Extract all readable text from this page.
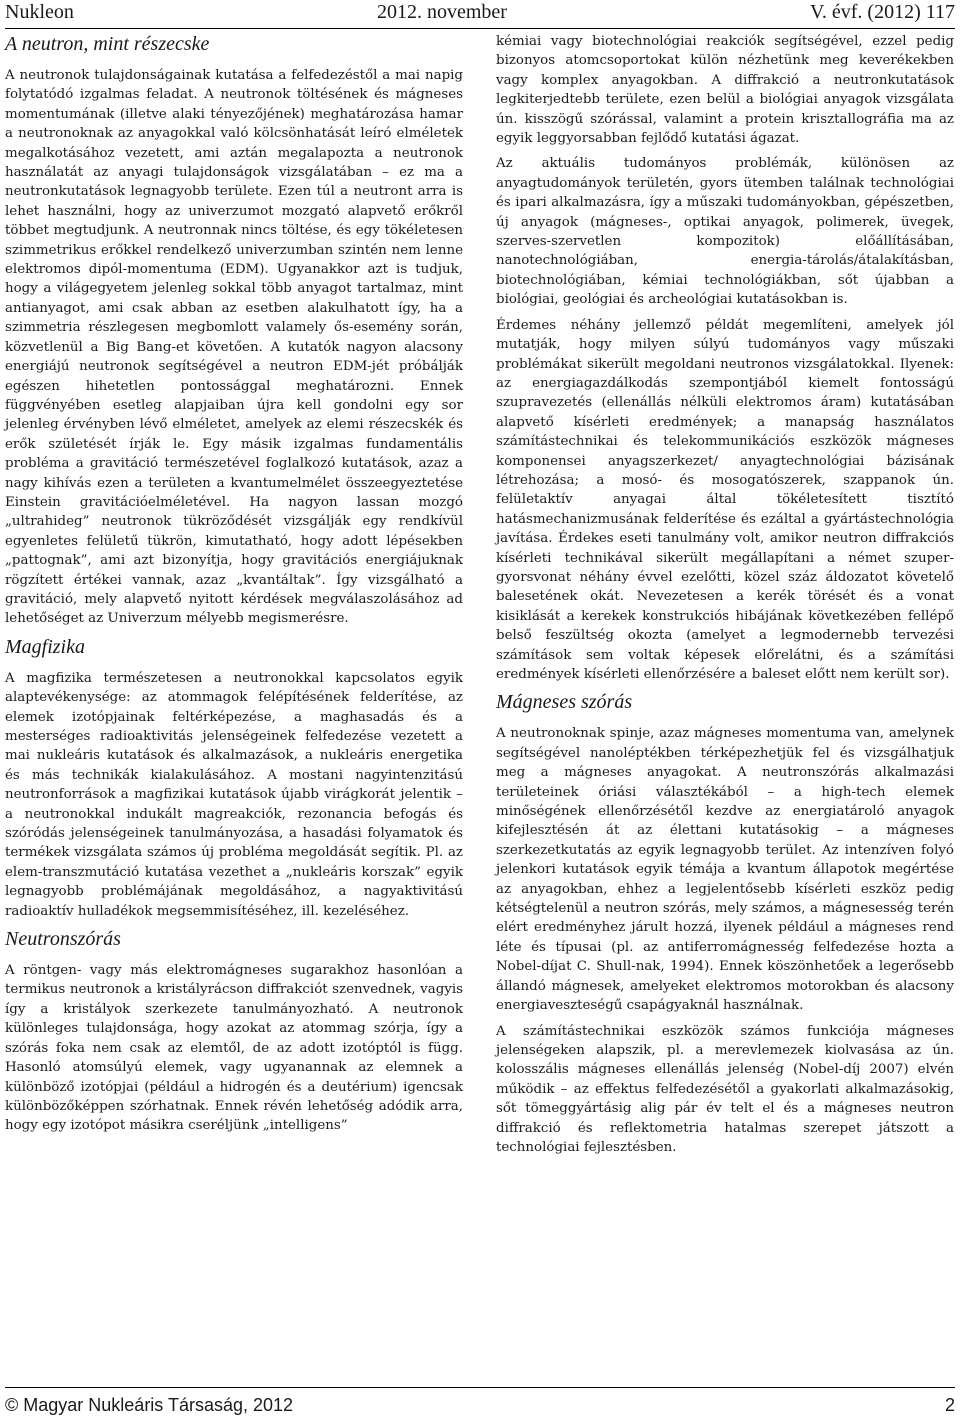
Nukleon	2012. november	V. évf. (2012) 117
A neutron, mint részecske

A neutronok tulajdonságainak kutatása a felfedezéstől a mai napig folytatódó izgalmas feladat. A neutronok töltésének és mágneses momentumának (illetve alaki tényezőjének) meghatározása hamar a neutronoknak az anyagokkal való kölcsönhatását leíró elméletek megalkotásához vezetett, ami aztán megalapozta a neutronok használatát az anyagi tulajdonságok vizsgálatában – ez ma a neutronkutatások legnagyobb területe. Ezen túl a neutront arra is lehet használni, hogy az univerzumot mozgató alapvető erőkről többet megtudjunk. A neutronnak nincs töltése, és egy tökéletesen szimmetrikus erőkkel rendelkező univerzumban szintén nem lenne elektromos dipól-momentuma (EDM). Ugyanakkor azt is tudjuk, hogy a világegyetem jelenleg sokkal több anyagot tartalmaz, mint antianyagot, ami csak abban az esetben alakulhatott így, ha a szimmetria részlegesen megbomlott valamely ős-esemény során, közvetlenül a Big Bang-et követően. A kutatók nagyon alacsony energiájú neutronok segítségével a neutron EDM-jét próbálják egészen hihetetlen pontossággal meghatározni. Ennek függvényében esetleg alapjaiban újra kell gondolni egy sor jelenleg érvényben lévő elméletet, amelyek az elemi részecskék és erők születését írják le. Egy másik izgalmas fundamentális probléma a gravitáció természetével foglalkozó kutatások, azaz a nagy kihívás ezen a területen a kvantumelmélet összeegyeztetése Einstein gravitációelméletével. Ha nagyon lassan mozgó „ultrahideg” neutronok tükröződését vizsgálják egy rendkívül egyenletes felületű tükrön, kimutatható, hogy adott lépésekben „pattognak”, ami azt bizonyítja, hogy gravitációs energiájuknak rögzített értékei vannak, azaz „kvantáltak”. Így vizsgálható a gravitáció, mely alapvető nyitott kérdések megválaszolásához ad lehetőséget az Univerzum mélyebb megismerésre.

Magfizika

A magfizika természetesen a neutronokkal kapcsolatos egyik alaptevékenysége: az atommagok felépítésének felderítése, az elemek izotópjainak feltérképezése, a maghasadás és a mesterséges radioaktivitás jelenségeinek felfedezése vezetett a mai nukleáris kutatások és alkalmazások, a nukleáris energetika és más technikák kialakulásához. A mostani nagyintenzitású neutronforrások a magfizikai kutatások újabb virágkorát jelentik – a neutronokkal indukált magreakciók, rezonancia befogás és szóródás jelenségeinek tanulmányozása, a hasadási folyamatok és termékek vizsgálata számos új probléma megoldását segítik. Pl. az elem-transzmutáció kutatása vezethet a „nukleáris korszak” egyik legnagyobb problémájának megoldásához, a nagyaktivitású radioaktív hulladékok megsemmisítéséhez, ill. kezeléséhez.

Neutronszórás

A röntgen- vagy más elektromágneses sugarakhoz hasonlóan a termikus neutronok a kristályrácson diffrakciót szenvednek, vagyis így a kristályok szerkezete tanulmányozható. A neutronok különleges tulajdonsága, hogy azokat az atommag szórja, így a szórás foka nem csak az elemtől, de az adott izotóptól is függ. Hasonló atomsúlyú elemek, vagy ugyanannak az elemnek a különböző izotópjai (például a hidrogén és a deutérium) igencsak különbözőképpen szórhatnak. Ennek révén lehetőség adódik arra, hogy egy izotópot másikra cseréljünk „intelligens”

kémiai vagy biotechnológiai reakciók segítségével, ezzel pedig bizonyos atomcsoportokat külön nézhetünk meg keverékekben vagy komplex anyagokban. A diffrakció a neutronkutatások legkiterjedtebb területe, ezen belül a biológiai anyagok vizsgálata ún. kisszögű szórással, valamint a protein krisztallográfia ma az egyik leggyorsabban fejlődő kutatási ágazat.

Az aktuális tudományos problémák, különösen az anyagtudományok területén, gyors ütemben találnak technológiai és ipari alkalmazásra, így a műszaki tudományokban, gépészetben, új anyagok (mágneses-, optikai anyagok, polimerek, üvegek, szerves-szervetlen kompozitok) előállításában, nanotechnológiában, energia-tárolás/átalakításban, biotechnológiában, kémiai technológiákban, sőt újabban a biológiai, geológiai és archeológiai kutatásokban is.

Érdemes néhány jellemző példát megemlíteni, amelyek jól mutatják, hogy milyen súlyú tudományos vagy műszaki problémákat sikerült megoldani neutronos vizsgálatokkal. Ilyenek: az energiagazdálkodás szempontjából kiemelt fontosságú szupravezetés (ellenállás nélküli elektromos áram) kutatásában alapvető kísérleti eredmények; a manapság használatos számítástechnikai és telekommunikációs eszközök mágneses komponensei anyagszerkezet/ anyagtechnológiai bázisának létrehozása; a mosó- és mosogatószerek, szappanok ún. felületaktív anyagai által tökéletesített tisztító hatásmechanizmusának felderítése és ezáltal a gyártástechnológia javítása. Érdekes eseti tanulmány volt, amikor neutron diffrakciós kísérleti technikával sikerült megállapítani a német szuper-gyorsvonat néhány évvel ezelőtti, közel száz áldozatot követelő balesetének okát. Nevezetesen a kerék törését és a vonat kisiklását a kerekek konstrukciós hibájának következében fellépő belső feszültség okozta (amelyet a legmodernebb tervezési számítások sem voltak képesek előrelátni, és a számítási eredmények kísérleti ellenőrzésére a baleset előtt nem került sor).

Mágneses szórás

A neutronoknak spinje, azaz mágneses momentuma van, amelynek segítségével nanoléptékben térképezhetjük fel és vizsgálhatjuk meg a mágneses anyagokat. A neutronszórás alkalmazási területeinek óriási választékából – a high-tech elemek minőségének ellenőrzésétől kezdve az energiatároló anyagok kifejlesztésén át az élettani kutatásokig – a mágneses szerkezetkutatás az egyik legnagyobb terület. Az intenzíven folyó jelenkori kutatások egyik témája a kvantum állapotok megértése az anyagokban, ehhez a legjelentősebb kísérleti eszköz pedig kétségtelenül a neutron szórás, mely számos, a mágnesesség terén elért eredményhez járult hozzá, ilyenek például a mágneses rend léte és típusai (pl. az antiferromágnesség felfedezése hozta a Nobel-díjat C. Shull-nak, 1994). Ennek köszönhetőek a legerősebb állandó mágnesek, amelyeket elektromos motorokban és alacsony energiaveszteségű csapágyaknál használnak.

A számítástechnikai eszközök számos funkciója mágneses jelenségeken alapszik, pl. a merevlemezek kiolvasása az ún. kolosszális mágneses ellenállás jelenség (Nobel-díj 2007) elvén működik – az effektus felfedezésétől a gyakorlati alkalmazásokig, sőt tömeggyártásig alig pár év telt el és a mágneses neutron diffrakció és reflektometria hatalmas szerepet játszott a technológiai fejlesztésben.

© Magyar Nukleáris Társaság, 2012	2
